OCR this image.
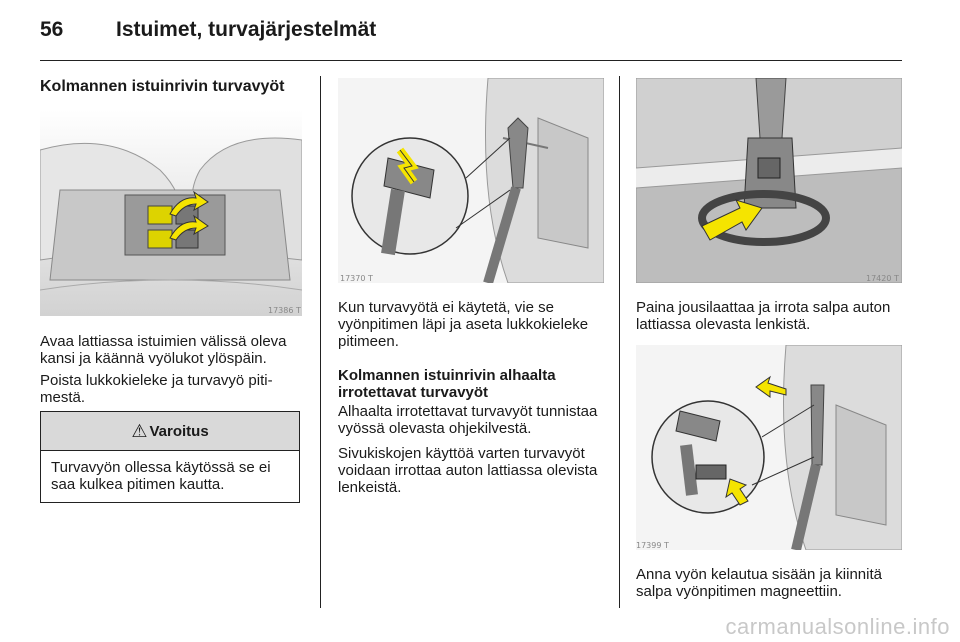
56	Istuimet, turvajärjestelmät
Kolmannen istuinrivin turvavyöt
17386 T

Avaa lattiassa istuimien välissä oleva kansi ja käännä vyölukot ylöspäin.

Poista lukkokieleke ja turvavyö pitimestä.

⚠ Varoitus
Turvavyön ollessa käytössä se ei saa kulkea pitimen kautta.
17370 T

Kun turvavyötä ei käytetä, vie se vyönpitimen läpi ja aseta lukkokieleke pitimeen.

Kolmannen istuinrivin alhaalta irrotettavat turvavyöt

Alhaalta irrotettavat turvavyöt tunnistaa vyössä olevasta ohjekilvestä.

Sivukiskojen käyttöä varten turvavyöt voidaan irrottaa auton lattiassa olevista lenkeistä.

17420 T

Paina jousilaattaa ja irrota salpa auton lattiassa olevasta lenkistä.

17399 T

Anna vyön kelautua sisään ja kiinnitä salpa vyönpitimen magneettiin.

carmanualsonline.info
